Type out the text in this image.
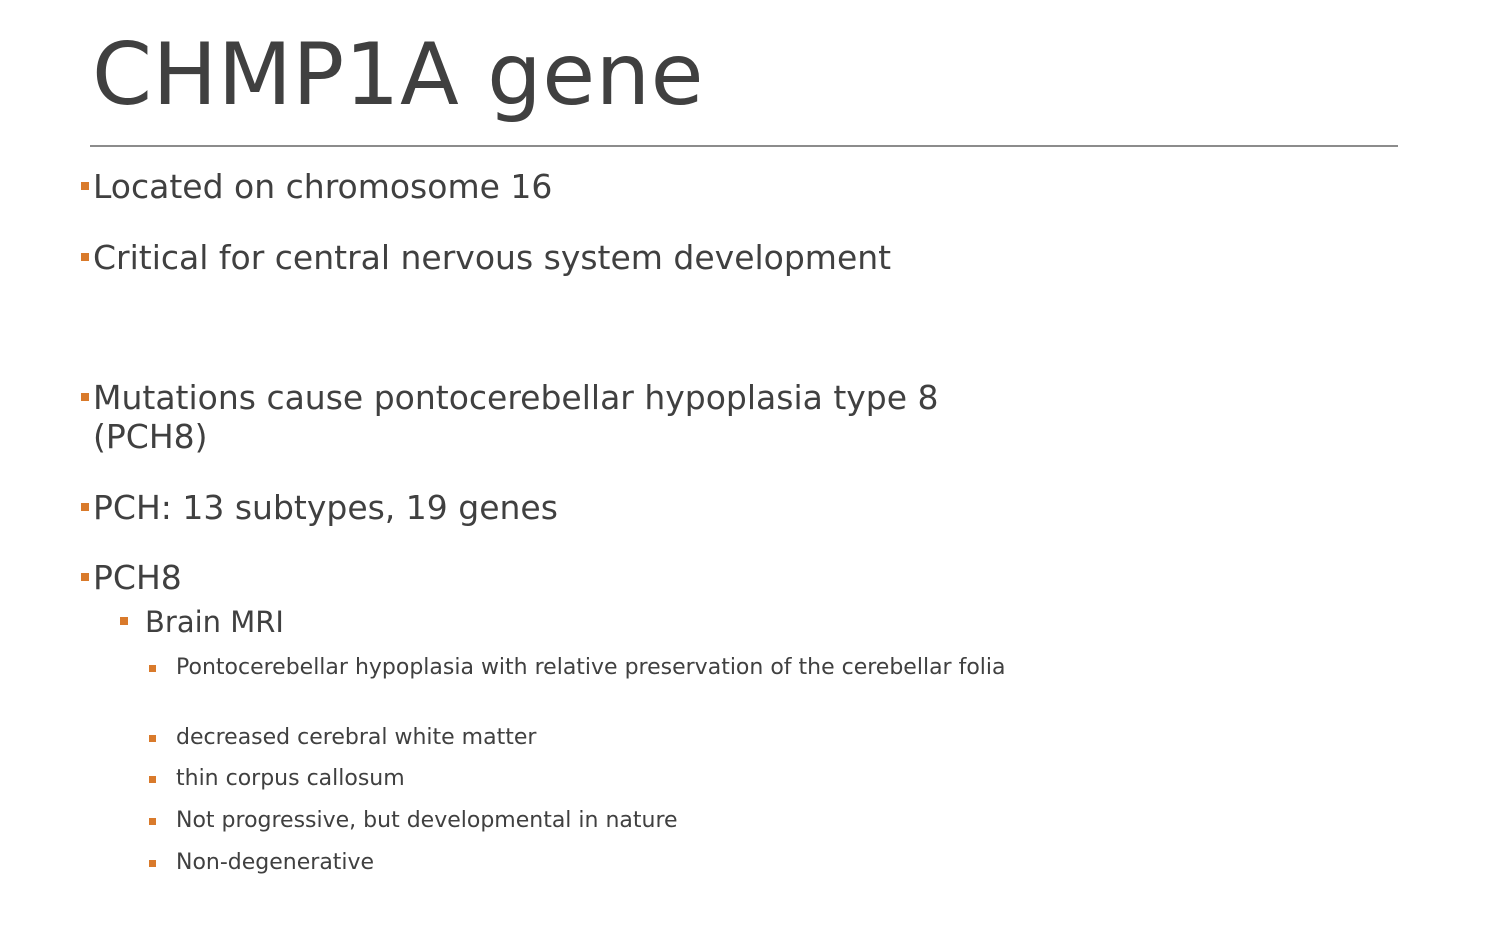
CHMP1A gene
Located on chromosome 16
Critical for central nervous system development
Mutations cause pontocerebellar hypoplasia type 8 (PCH8)
PCH: 13 subtypes, 19 genes
PCH8
Brain MRI
Pontocerebellar hypoplasia with relative preservation of the cerebellar folia
decreased cerebral white matter
thin corpus callosum
Not progressive, but developmental in nature
Non-degenerative
